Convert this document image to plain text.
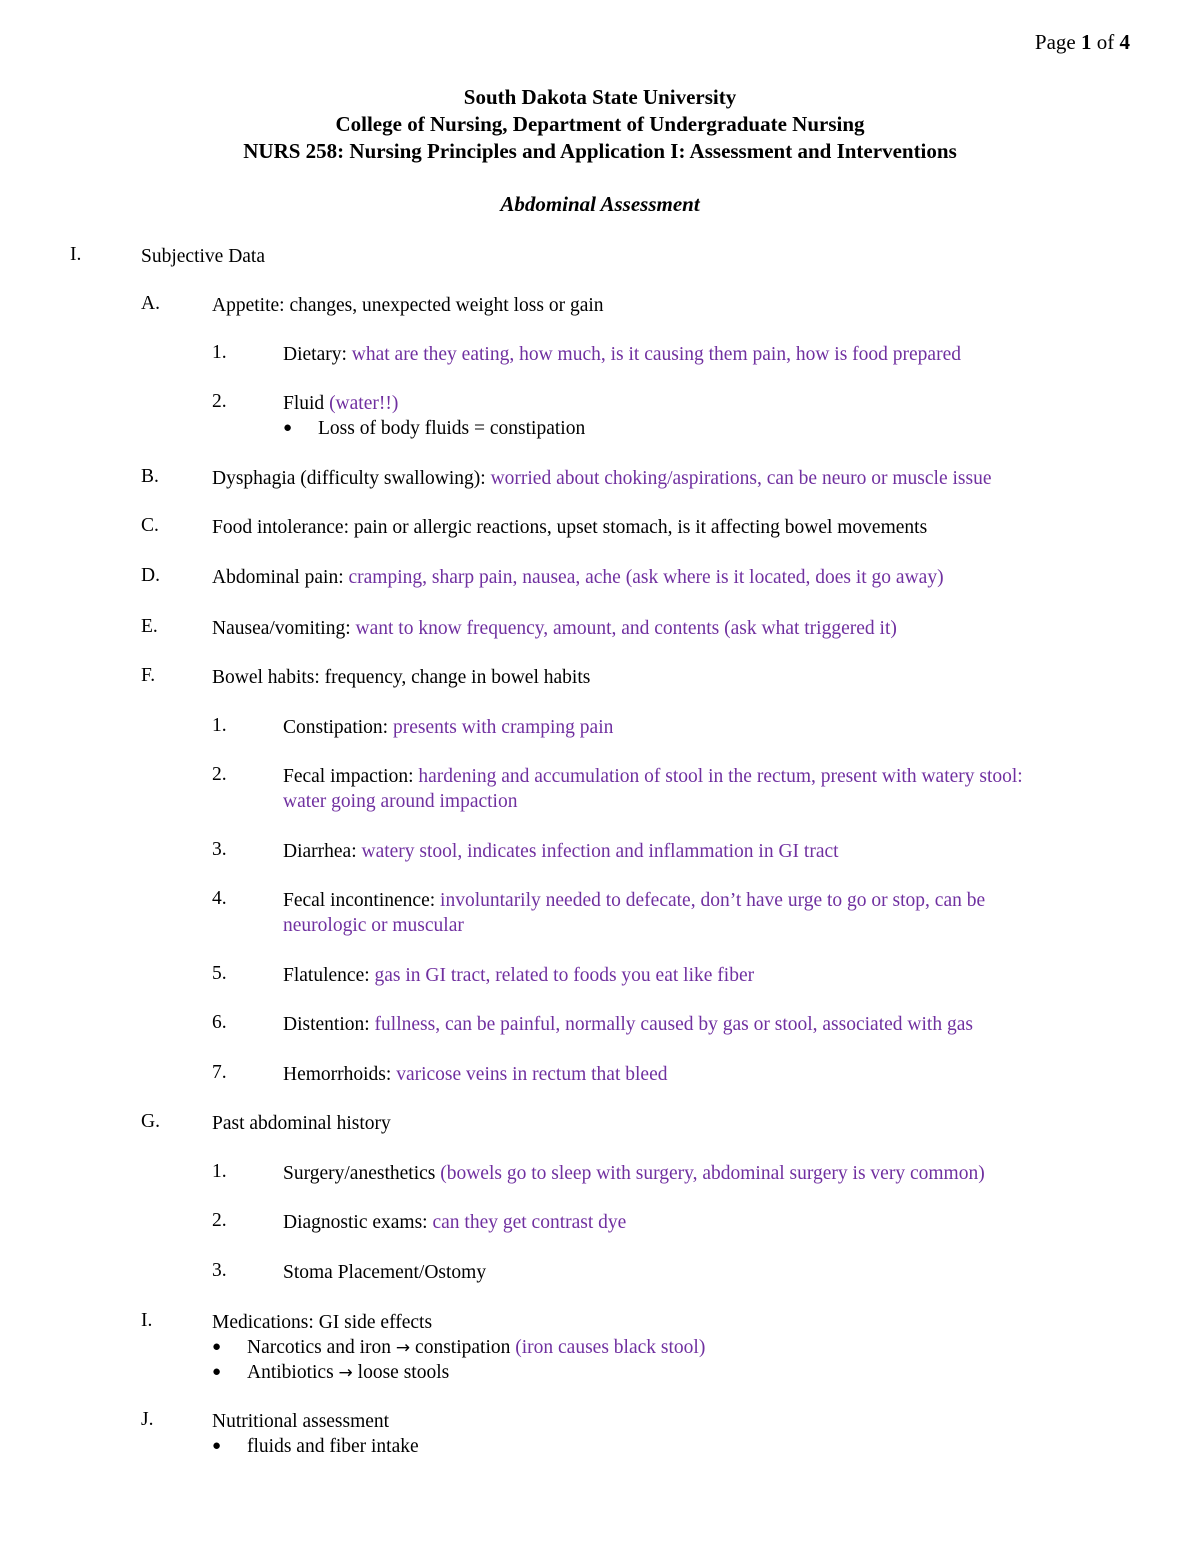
Page 1 of 4
South Dakota State University
College of Nursing, Department of Undergraduate Nursing
NURS 258: Nursing Principles and Application I: Assessment and Interventions
Abdominal Assessment
I.	Subjective Data
A.	Appetite: changes, unexpected weight loss or gain
1.	Dietary: what are they eating, how much, is it causing them pain, how is food prepared
2.	Fluid (water!!)
● Loss of body fluids = constipation
B.	Dysphagia (difficulty swallowing): worried about choking/aspirations, can be neuro or muscle issue
C.	Food intolerance: pain or allergic reactions, upset stomach, is it affecting bowel movements
D.	Abdominal pain: cramping, sharp pain, nausea, ache (ask where is it located, does it go away)
E.	Nausea/vomiting: want to know frequency, amount, and contents (ask what triggered it)
F.	Bowel habits: frequency, change in bowel habits
1.	Constipation: presents with cramping pain
2.	Fecal impaction: hardening and accumulation of stool in the rectum, present with watery stool:
water going around impaction
3.	Diarrhea: watery stool, indicates infection and inflammation in GI tract
4.	Fecal incontinence: involuntarily needed to defecate, don’t have urge to go or stop, can be
neurologic or muscular
5.	Flatulence: gas in GI tract, related to foods you eat like fiber
6.	Distention: fullness, can be painful, normally caused by gas or stool, associated with gas
7.	Hemorrhoids: varicose veins in rectum that bleed
G.	Past abdominal history
1.	Surgery/anesthetics (bowels go to sleep with surgery, abdominal surgery is very common)
2.	Diagnostic exams: can they get contrast dye
3.	Stoma Placement/Ostomy
I.	Medications: GI side effects
● Narcotics and iron → constipation (iron causes black stool)
● Antibiotics → loose stools
J.	Nutritional assessment
● fluids and fiber intake
